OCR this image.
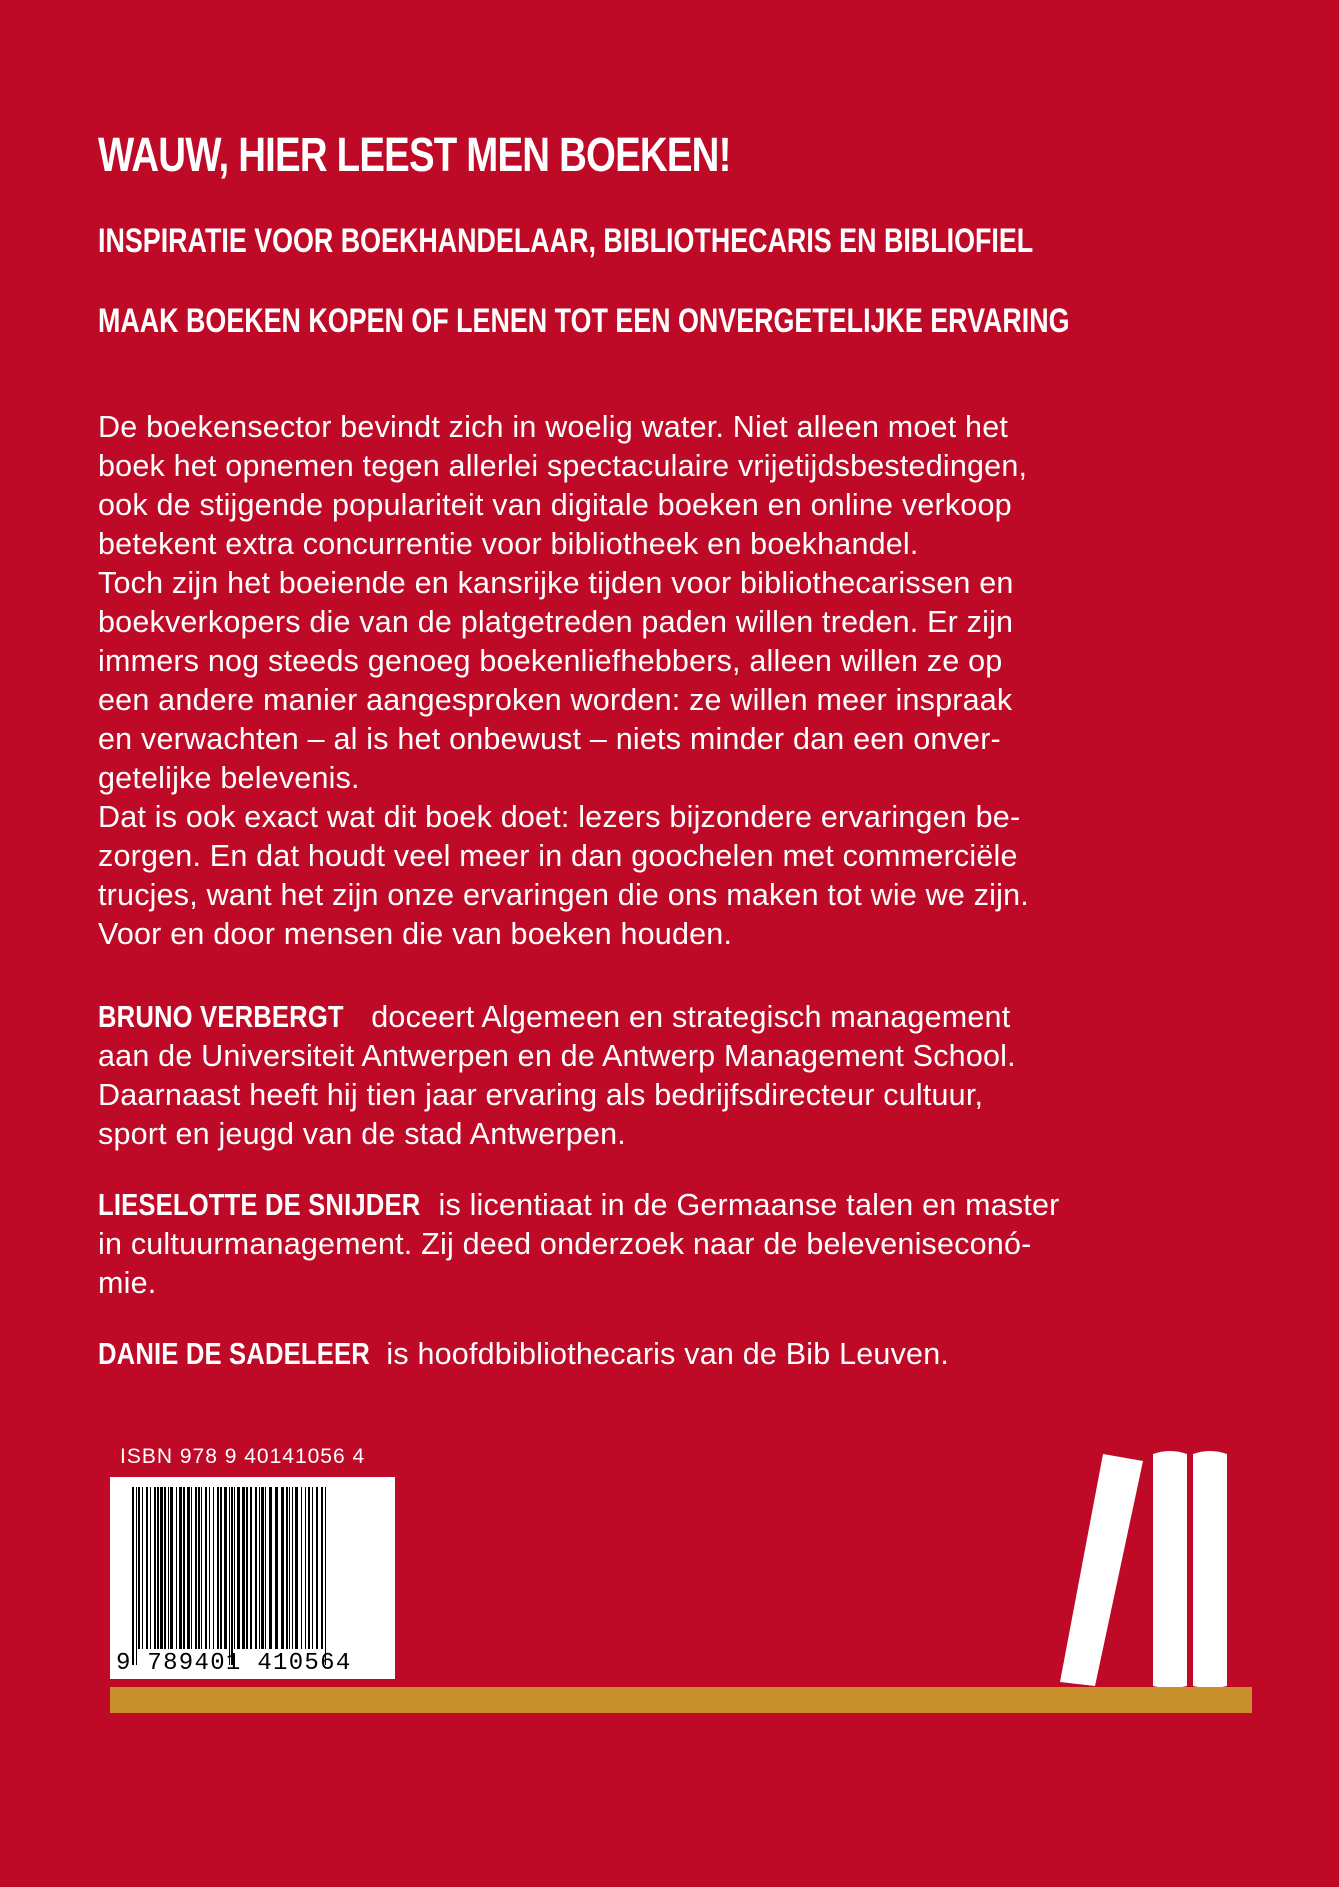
WAUW, HIER LEEST MEN BOEKEN!
INSPIRATIE VOOR BOEKHANDELAAR, BIBLIOTHECARIS EN BIBLIOFIEL
MAAK BOEKEN KOPEN OF LENEN TOT EEN ONVERGETELIJKE ERVARING

De boekensector bevindt zich in woelig water. Niet alleen moet het

boek het opnemen tegen allerlei spectaculaire vrijetijdsbestedingen,

ook de stijgende populariteit van digitale boeken en online verkoop

betekent extra concurrentie voor bibliotheek en boekhandel.

Toch zijn het boeiende en kansrijke tijden voor bibliothecarissen en

boekverkopers die van de platgetreden paden willen treden. Er zijn

immers nog steeds genoeg boekenliefhebbers, alleen willen ze op

een andere manier aangesproken worden: ze willen meer inspraak

en verwachten – al is het onbewust – niets minder dan een onver-

getelijke belevenis.

Dat is ook exact wat dit boek doet: lezers bijzondere ervaringen be-

zorgen. En dat houdt veel meer in dan goochelen met commerciële

trucjes, want het zijn onze ervaringen die ons maken tot wie we zijn.

Voor en door mensen die van boeken houden.

BRUNO VERBERGT doceert Algemeen en strategisch management

aan de Universiteit Antwerpen en de Antwerp Management School.

Daarnaast heeft hij tien jaar ervaring als bedrijfsdirecteur cultuur,

sport en jeugd van de stad Antwerpen.

LIESELOTTE DE SNIJDER is licentiaat in de Germaanse talen en master

in cultuurmanagement. Zij deed onderzoek naar de beleveniseconó-

mie.

DANIE DE SADELEER is hoofdbibliothecaris van de Bib Leuven.

ISBN 978 9 40141056 4
9 789401 410564
